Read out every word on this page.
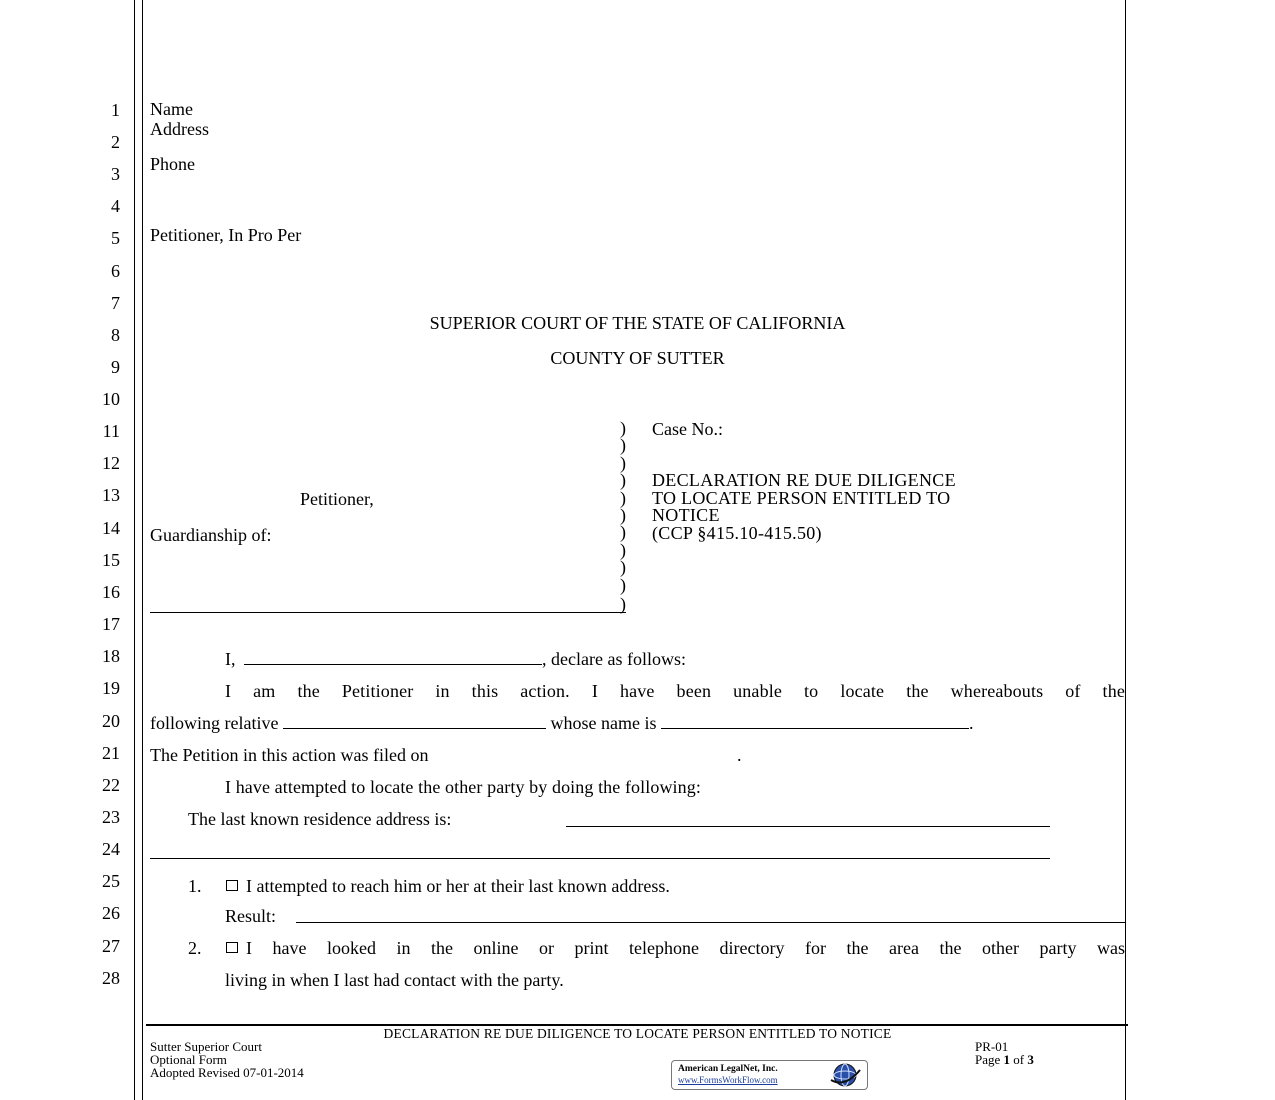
1
2
3
4
5
6
7
8
9
10
11
12
13
14
15
16
17
18
19
20
21
22
23
24
25
26
27
28
Name
Address
Phone
Petitioner, In Pro Per
SUPERIOR COURT OF THE STATE OF CALIFORNIA
COUNTY OF SUTTER
Petitioner,
Guardianship of:
)
)
)
)
)
)
)
)
)
)
)
Case No.:
DECLARATION RE DUE DILIGENCE
TO LOCATE PERSON ENTITLED TO
NOTICE
(CCP §415.10-415.50)
I,	, declare as follows:
I am the Petitioner in this action. I have been unable to locate the whereabouts of the
following relative	whose name is	.
The Petition in this action was filed on	.
I have attempted to locate the other party by doing the following:
The last known residence address is:
1.	I attempted to reach him or her at their last known address.
Result:
2.	I have looked in the online or print telephone directory for the area the other party was
living in when I last had contact with the party.
DECLARATION RE DUE DILIGENCE TO LOCATE PERSON ENTITLED TO NOTICE
Sutter Superior Court
Optional Form
Adopted Revised 07-01-2014
PR-01
Page 1 of 3
American LegalNet, Inc.
www.FormsWorkFlow.com
